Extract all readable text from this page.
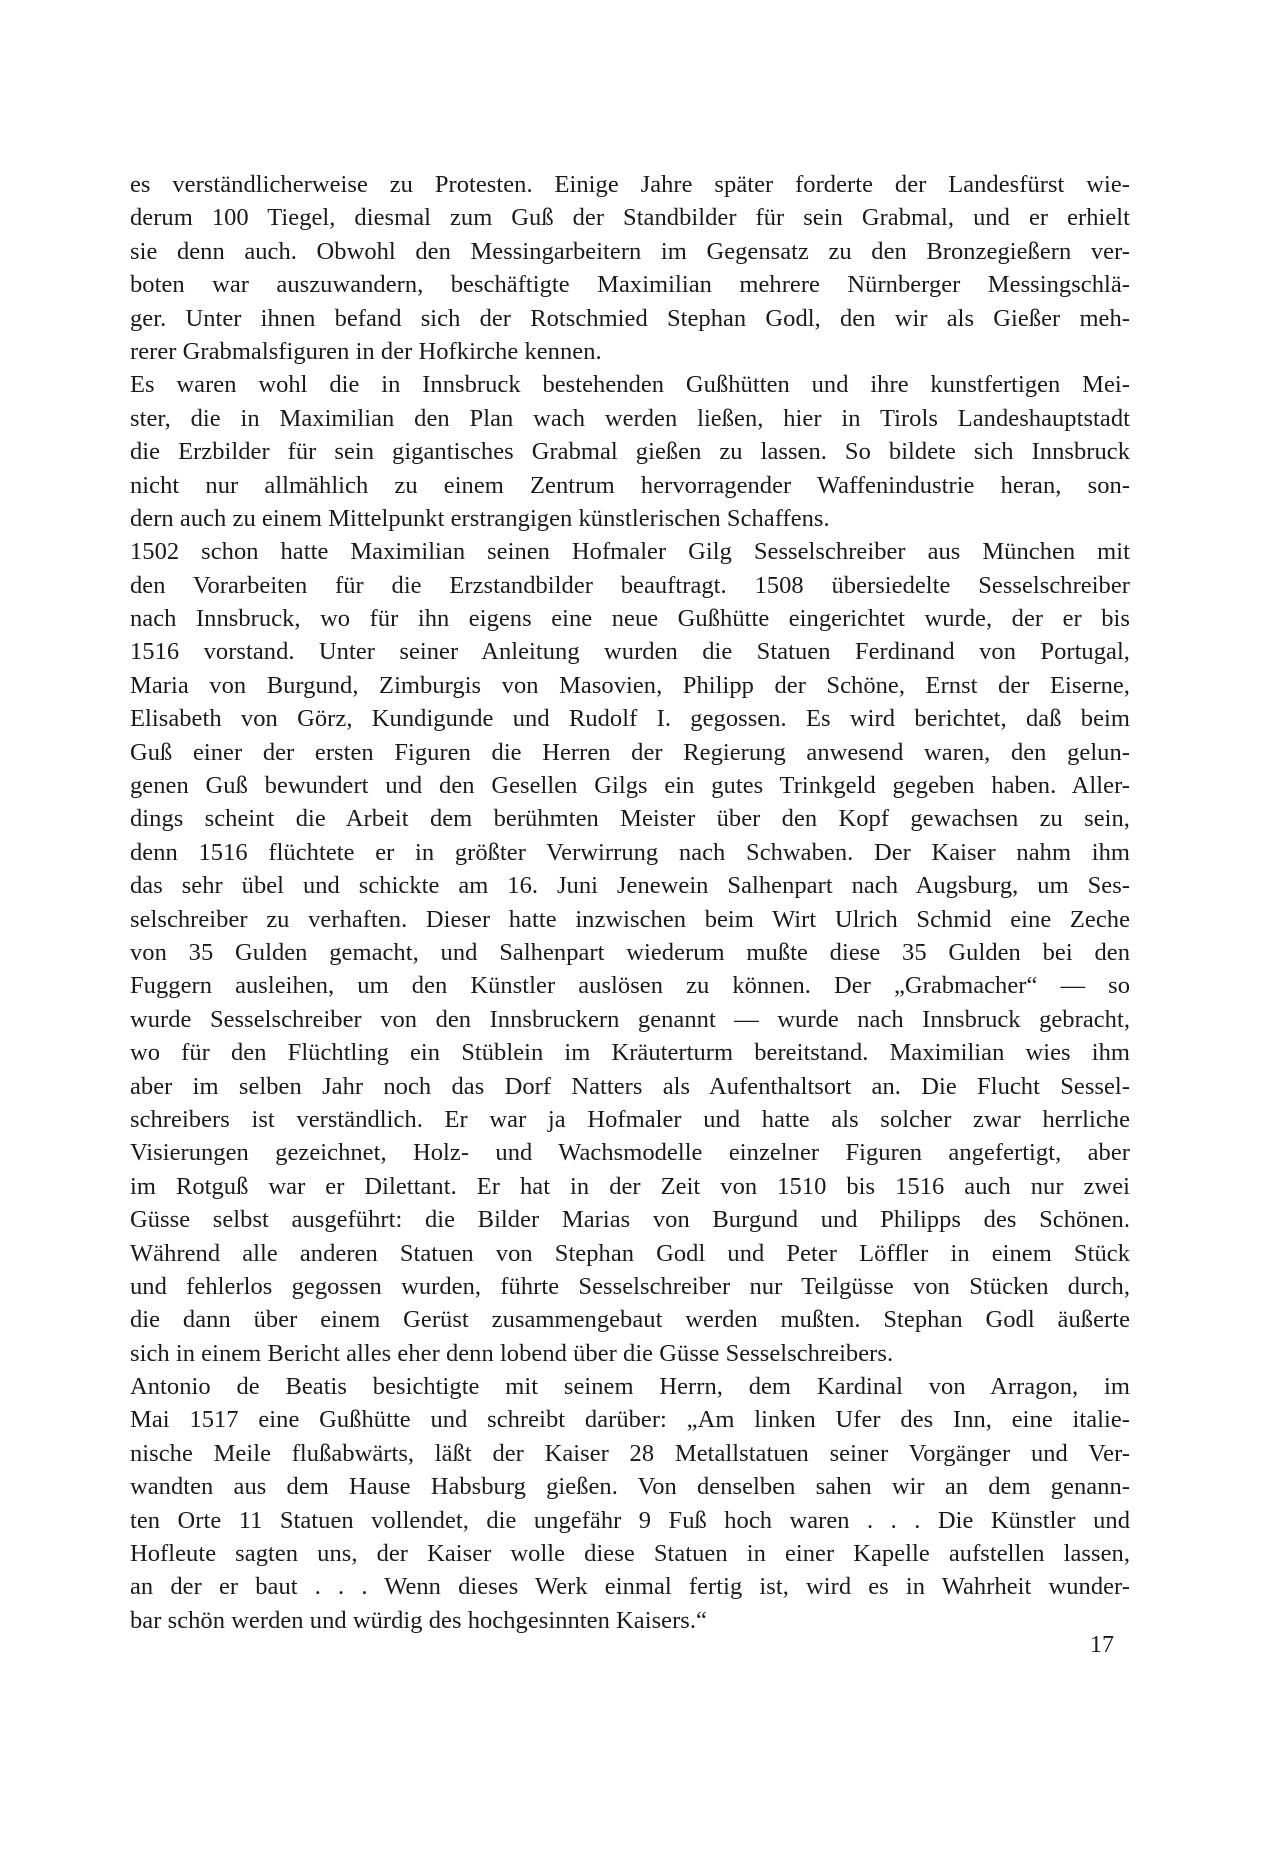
es verständlicherweise zu Protesten. Einige Jahre später forderte der Landesfürst wie-
derum 100 Tiegel, diesmal zum Guß der Standbilder für sein Grabmal, und er erhielt
sie denn auch. Obwohl den Messingarbeitern im Gegensatz zu den Bronzegießern ver-
boten war auszuwandern, beschäftigte Maximilian mehrere Nürnberger Messingschlä-
ger. Unter ihnen befand sich der Rotschmied Stephan Godl, den wir als Gießer meh-
rerer Grabmalsfiguren in der Hofkirche kennen.
Es waren wohl die in Innsbruck bestehenden Gußhütten und ihre kunstfertigen Mei-
ster, die in Maximilian den Plan wach werden ließen, hier in Tirols Landeshauptstadt
die Erzbilder für sein gigantisches Grabmal gießen zu lassen. So bildete sich Innsbruck
nicht nur allmählich zu einem Zentrum hervorragender Waffenindustrie heran, son-
dern auch zu einem Mittelpunkt erstrangigen künstlerischen Schaffens.
1502 schon hatte Maximilian seinen Hofmaler Gilg Sesselschreiber aus München mit
den Vorarbeiten für die Erzstandbilder beauftragt. 1508 übersiedelte Sesselschreiber
nach Innsbruck, wo für ihn eigens eine neue Gußhütte eingerichtet wurde, der er bis
1516 vorstand. Unter seiner Anleitung wurden die Statuen Ferdinand von Portugal,
Maria von Burgund, Zimburgis von Masovien, Philipp der Schöne, Ernst der Eiserne,
Elisabeth von Görz, Kundigunde und Rudolf I. gegossen. Es wird berichtet, daß beim
Guß einer der ersten Figuren die Herren der Regierung anwesend waren, den gelun-
genen Guß bewundert und den Gesellen Gilgs ein gutes Trinkgeld gegeben haben. Aller-
dings scheint die Arbeit dem berühmten Meister über den Kopf gewachsen zu sein,
denn 1516 flüchtete er in größter Verwirrung nach Schwaben. Der Kaiser nahm ihm
das sehr übel und schickte am 16. Juni Jenewein Salhenpart nach Augsburg, um Ses-
selschreiber zu verhaften. Dieser hatte inzwischen beim Wirt Ulrich Schmid eine Zeche
von 35 Gulden gemacht, und Salhenpart wiederum mußte diese 35 Gulden bei den
Fuggern ausleihen, um den Künstler auslösen zu können. Der „Grabmacher“ — so
wurde Sesselschreiber von den Innsbruckern genannt — wurde nach Innsbruck gebracht,
wo für den Flüchtling ein Stüblein im Kräuterturm bereitstand. Maximilian wies ihm
aber im selben Jahr noch das Dorf Natters als Aufenthaltsort an. Die Flucht Sessel-
schreibers ist verständlich. Er war ja Hofmaler und hatte als solcher zwar herrliche
Visierungen gezeichnet, Holz- und Wachsmodelle einzelner Figuren angefertigt, aber
im Rotguß war er Dilettant. Er hat in der Zeit von 1510 bis 1516 auch nur zwei
Güsse selbst ausgeführt: die Bilder Marias von Burgund und Philipps des Schönen.
Während alle anderen Statuen von Stephan Godl und Peter Löffler in einem Stück
und fehlerlos gegossen wurden, führte Sesselschreiber nur Teilgüsse von Stücken durch,
die dann über einem Gerüst zusammengebaut werden mußten. Stephan Godl äußerte
sich in einem Bericht alles eher denn lobend über die Güsse Sesselschreibers.
Antonio de Beatis besichtigte mit seinem Herrn, dem Kardinal von Arragon, im
Mai 1517 eine Gußhütte und schreibt darüber: „Am linken Ufer des Inn, eine italie-
nische Meile flußabwärts, läßt der Kaiser 28 Metallstatuen seiner Vorgänger und Ver-
wandten aus dem Hause Habsburg gießen. Von denselben sahen wir an dem genann-
ten Orte 11 Statuen vollendet, die ungefähr 9 Fuß hoch waren . . . Die Künstler und
Hofleute sagten uns, der Kaiser wolle diese Statuen in einer Kapelle aufstellen lassen,
an der er baut . . . Wenn dieses Werk einmal fertig ist, wird es in Wahrheit wunder-
bar schön werden und würdig des hochgesinnten Kaisers.“
17
